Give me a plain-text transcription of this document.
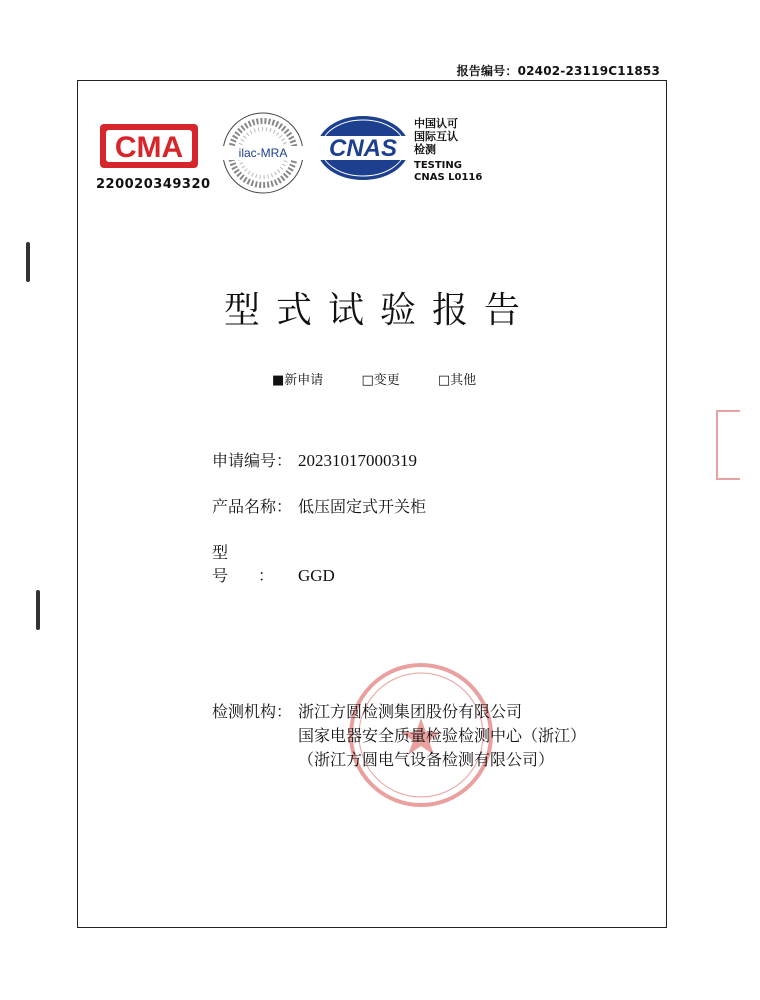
报告编号：02402-23119C11853
CMA
220020349320
ilac-MRA CNAS
中国认可
国际互认
检测
TESTING
CNAS L0116
型式试验报告
■新申请	□变更	□其他
申请编号： 20231017000319
产品名称： 低压固定式开关柜
型号：GGD
检测机构： 浙江方圆检测集团股份有限公司
国家电器安全质量检验检测中心（浙江）
（浙江方圆电气设备检测有限公司）
